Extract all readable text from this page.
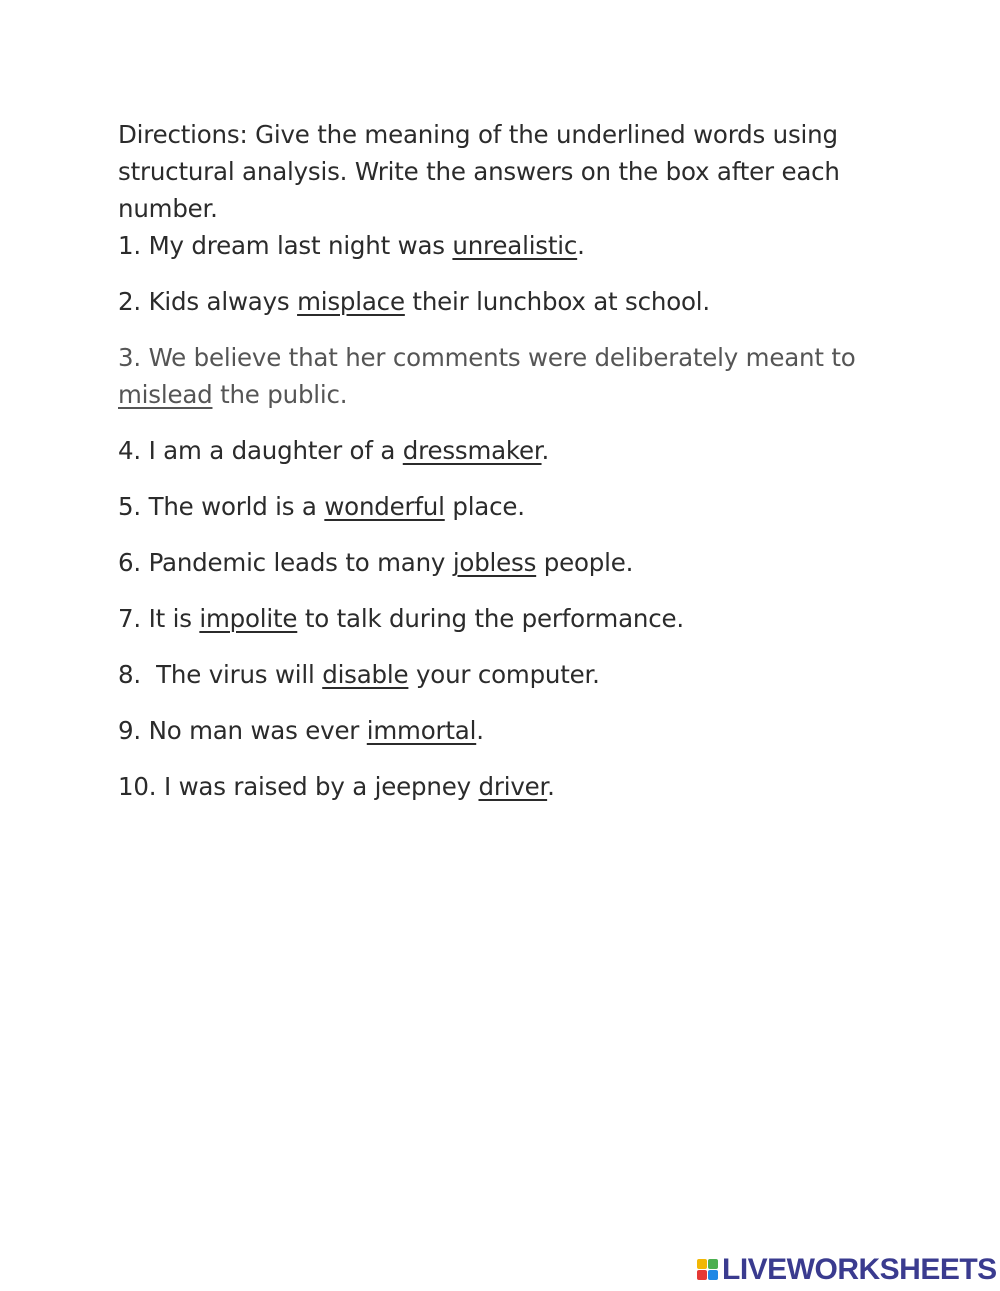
Directions: Give the meaning of the underlined words using structural analysis. Write the answers on the box after each number.

1. My dream last night was unrealistic.

2. Kids always misplace their lunchbox at school.

3. We believe that her comments were deliberately meant to mislead the public.

4. I am a daughter of a dressmaker.

5. The world is a wonderful place.

6. Pandemic leads to many jobless people.

7. It is impolite to talk during the performance.

8.  The virus will disable your computer.

9. No man was ever immortal.

10. I was raised by a jeepney driver.

LIVEWORKSHEETS
